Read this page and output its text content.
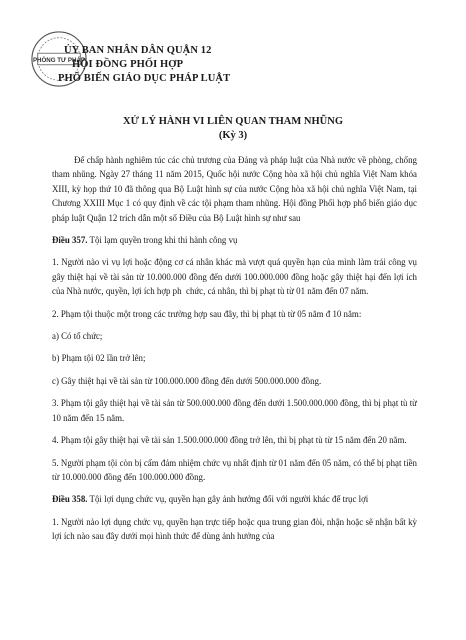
PHÒNG TƯ PHÁP
ỦY BAN NHÂN DÂN QUẬN 12
HỘI ĐỒNG PHỐI HỢP
PHỔ BIẾN GIÁO DỤC PHÁP LUẬT
XỬ LÝ HÀNH VI LIÊN QUAN THAM NHŨNG
(Kỳ 3)

Để chấp hành nghiêm túc các chủ trương của Đảng và pháp luật của Nhà nước về phòng, chống tham nhũng. Ngày 27 tháng 11 năm 2015, Quốc hội nước Cộng hòa xã hội chủ nghĩa Việt Nam khóa XIII, kỳ họp thứ 10 đã thông qua Bộ Luật hình sự của nước Cộng hòa xã hội chủ nghĩa Việt Nam, tại Chương XXIII Mục 1 có quy định về các tội phạm tham nhũng. Hội đồng Phối hợp phổ biến giáo dục pháp luật Quận 12 trích dẫn một số Điều của Bộ Luật hình sự như sau

Điều 357. Tội lạm quyền trong khi thi hành công vụ

1. Người nào vì vụ lợi hoặc động cơ cá nhân khác mà vượt quá quyền hạn của mình làm trái công vụ gây thiệt hại về tài sản từ 10.000.000 đồng đến dưới 100.000.000 đồng hoặc gây thiệt hại đến lợi ích của Nhà nước, quyền, lợi ích hợp ph ​ chức, cá nhân, thì bị phạt tù từ 01 năm đến 07 năm.

2. Phạm tội thuộc một trong các trường hợp sau đây, thì bị phạt tù từ 05 năm đ 10 năm:

a) Có tổ chức;

b) Phạm tội 02 lần trở lên;

c) Gây thiệt hại về tài sản từ 100.000.000 đồng đến dưới 500.000.000 đồng.

3. Phạm tội gây thiệt hại về tài sản từ 500.000.000 đồng đến dưới 1.500.000.000 đồng, thì bị phạt tù từ 10 năm đến 15 năm.

4. Phạm tội gây thiệt hại về tài sản 1.500.000.000 đồng trở lên, thì bị phạt tù từ 15 năm đến 20 năm.

5. Người phạm tội còn bị cấm đảm nhiệm chức vụ nhất định từ 01 năm đến 05 năm, có thể bị phạt tiền từ 10.000.000 đồng đến 100.000.000 đồng.

Điều 358. Tội lợi dụng chức vụ, quyền hạn gây ảnh hưởng đối với người khác để trục lợi

1. Người nào lợi dụng chức vụ, quyền hạn trực tiếp hoặc qua trung gian đòi, nhận hoặc sẽ nhận bất kỳ lợi ích nào sau đây dưới mọi hình thức để dùng ảnh hưởng của
